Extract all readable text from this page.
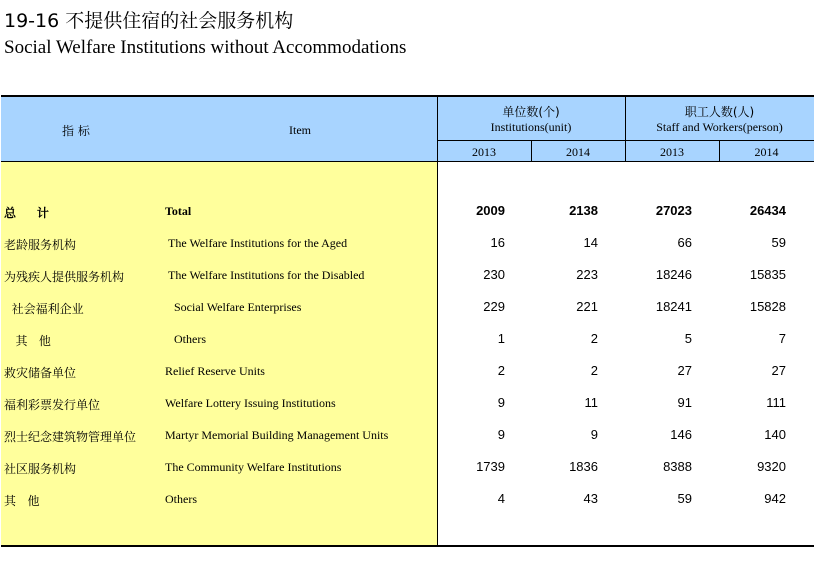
19-16 不提供住宿的社会服务机构
Social Welfare Institutions without Accommodations
指 标	Item
单位数(个)
Institutions(unit)
职工人数(人)
Staff and Workers(person)
2013	2014	2013	2014
总     计	Total	2009	2138	27023	26434
老龄服务机构	The Welfare Institutions for the Aged	16	14	66	59
为残疾人提供服务机构	The Welfare Institutions for the Disabled	230	223	18246	15835
社会福利企业	Social Welfare Enterprises	229	221	18241	15828
其   他	Others	1	2	5	7
救灾储备单位	Relief Reserve Units	2	2	27	27
福利彩票发行单位	Welfare Lottery Issuing Institutions	9	11	91	111
烈士纪念建筑物管理单位 Martyr Memorial Building Management Units	9	9	146	140
社区服务机构	The Community Welfare Institutions	1739	1836	8388	9320
其   他	Others	4	43	59	942
